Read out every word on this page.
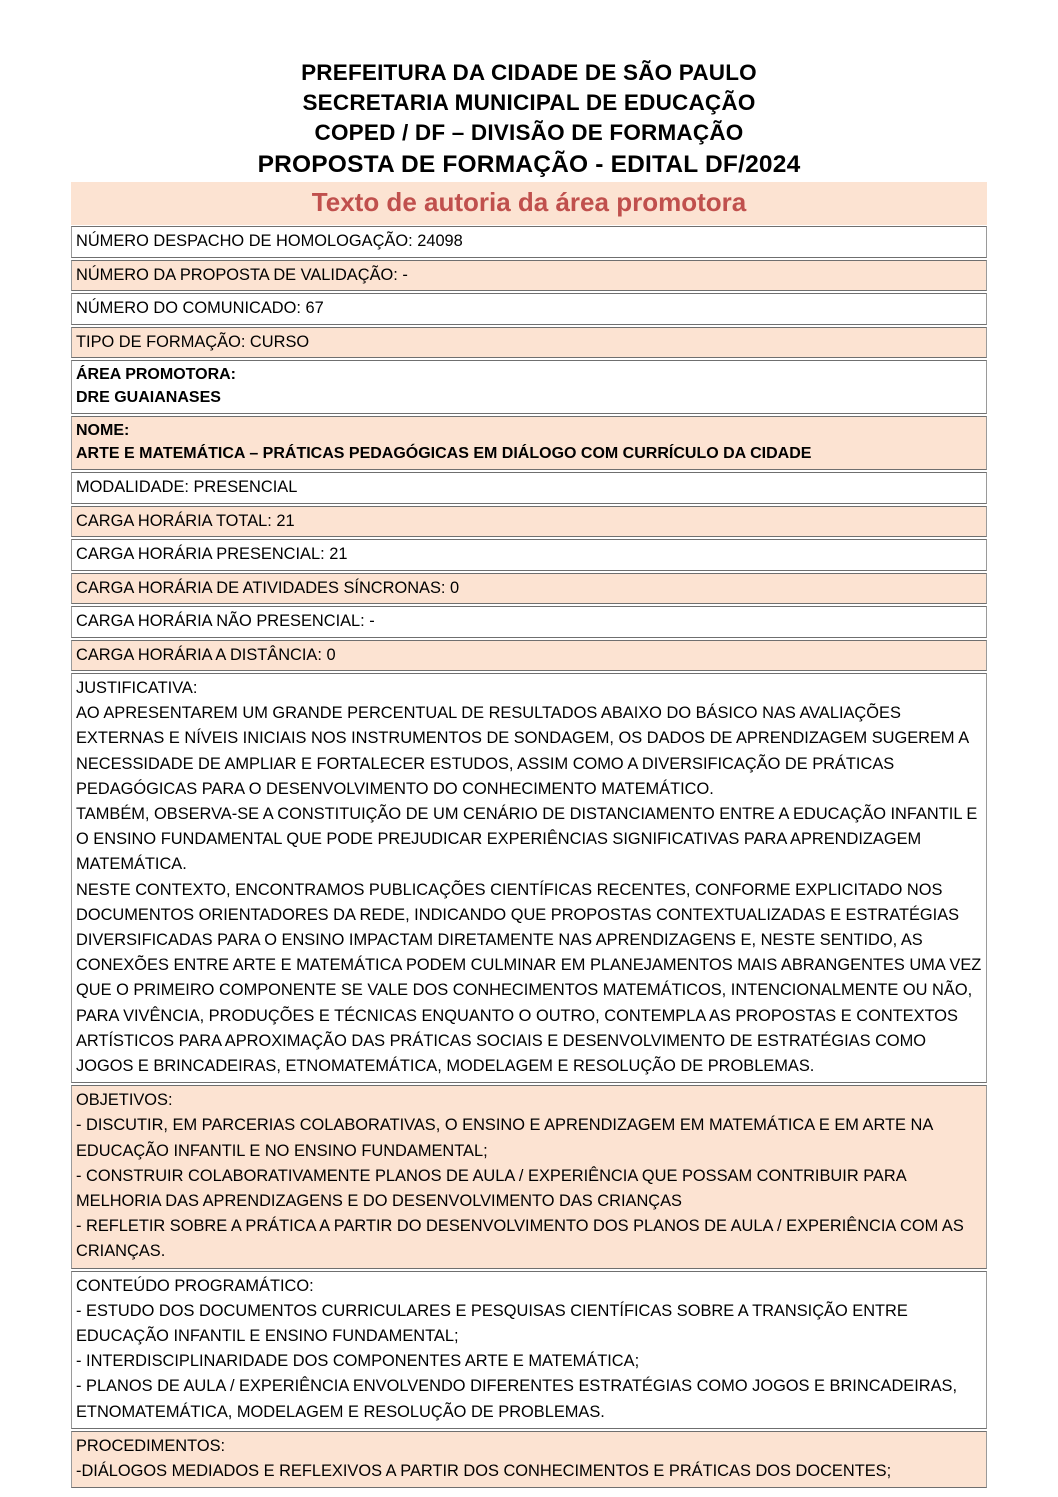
PREFEITURA DA CIDADE DE SÃO PAULO
SECRETARIA MUNICIPAL DE EDUCAÇÃO
COPED / DF – DIVISÃO DE FORMAÇÃO
PROPOSTA DE FORMAÇÃO - EDITAL DF/2024
Texto de autoria da área promotora
NÚMERO DESPACHO DE HOMOLOGAÇÃO: 24098
NÚMERO DA PROPOSTA DE VALIDAÇÃO: -
NÚMERO DO COMUNICADO: 67
TIPO DE FORMAÇÃO: CURSO
ÁREA PROMOTORA:
DRE GUAIANASES
NOME:
ARTE E MATEMÁTICA – PRÁTICAS PEDAGÓGICAS EM DIÁLOGO COM CURRÍCULO DA CIDADE
MODALIDADE: PRESENCIAL
CARGA HORÁRIA TOTAL: 21
CARGA HORÁRIA PRESENCIAL: 21
CARGA HORÁRIA DE ATIVIDADES SÍNCRONAS: 0
CARGA HORÁRIA NÃO PRESENCIAL: -
CARGA HORÁRIA A DISTÂNCIA: 0
JUSTIFICATIVA:
AO APRESENTAREM UM GRANDE PERCENTUAL DE RESULTADOS ABAIXO DO BÁSICO NAS AVALIAÇÕES EXTERNAS E NÍVEIS INICIAIS NOS INSTRUMENTOS DE SONDAGEM, OS DADOS DE APRENDIZAGEM SUGEREM A NECESSIDADE DE AMPLIAR E FORTALECER ESTUDOS, ASSIM COMO A DIVERSIFICAÇÃO DE PRÁTICAS PEDAGÓGICAS PARA O DESENVOLVIMENTO DO CONHECIMENTO MATEMÁTICO.
TAMBÉM, OBSERVA-SE A CONSTITUIÇÃO DE UM CENÁRIO DE DISTANCIAMENTO ENTRE A EDUCAÇÃO INFANTIL E O ENSINO FUNDAMENTAL QUE PODE PREJUDICAR EXPERIÊNCIAS SIGNIFICATIVAS PARA APRENDIZAGEM MATEMÁTICA.
NESTE CONTEXTO, ENCONTRAMOS PUBLICAÇÕES CIENTÍFICAS RECENTES, CONFORME EXPLICITADO NOS DOCUMENTOS ORIENTADORES DA REDE, INDICANDO QUE PROPOSTAS CONTEXTUALIZADAS E ESTRATÉGIAS DIVERSIFICADAS PARA O ENSINO IMPACTAM DIRETAMENTE NAS APRENDIZAGENS E, NESTE SENTIDO, AS CONEXÕES ENTRE ARTE E MATEMÁTICA PODEM CULMINAR EM PLANEJAMENTOS MAIS ABRANGENTES UMA VEZ QUE O PRIMEIRO COMPONENTE SE VALE DOS CONHECIMENTOS MATEMÁTICOS, INTENCIONALMENTE OU NÃO, PARA VIVÊNCIA, PRODUÇÕES E TÉCNICAS ENQUANTO O OUTRO, CONTEMPLA AS PROPOSTAS E CONTEXTOS ARTÍSTICOS PARA APROXIMAÇÃO DAS PRÁTICAS SOCIAIS E DESENVOLVIMENTO DE ESTRATÉGIAS COMO JOGOS E BRINCADEIRAS, ETNOMATEMÁTICA, MODELAGEM E RESOLUÇÃO DE PROBLEMAS.
OBJETIVOS:
- DISCUTIR, EM PARCERIAS COLABORATIVAS, O ENSINO E APRENDIZAGEM EM MATEMÁTICA E EM ARTE NA EDUCAÇÃO INFANTIL E NO ENSINO FUNDAMENTAL;
- CONSTRUIR COLABORATIVAMENTE PLANOS DE AULA / EXPERIÊNCIA QUE POSSAM CONTRIBUIR PARA MELHORIA DAS APRENDIZAGENS E DO DESENVOLVIMENTO DAS CRIANÇAS
- REFLETIR SOBRE A PRÁTICA A PARTIR DO DESENVOLVIMENTO DOS PLANOS DE AULA / EXPERIÊNCIA COM AS CRIANÇAS.
CONTEÚDO PROGRAMÁTICO:
- ESTUDO DOS DOCUMENTOS CURRICULARES E PESQUISAS CIENTÍFICAS SOBRE A TRANSIÇÃO ENTRE EDUCAÇÃO INFANTIL E ENSINO FUNDAMENTAL;
- INTERDISCIPLINARIDADE DOS COMPONENTES ARTE E MATEMÁTICA;
- PLANOS DE AULA / EXPERIÊNCIA ENVOLVENDO DIFERENTES ESTRATÉGIAS COMO JOGOS E BRINCADEIRAS, ETNOMATEMÁTICA, MODELAGEM E RESOLUÇÃO DE PROBLEMAS.
PROCEDIMENTOS:
-DIÁLOGOS MEDIADOS E REFLEXIVOS A PARTIR DOS CONHECIMENTOS E PRÁTICAS DOS DOCENTES;
